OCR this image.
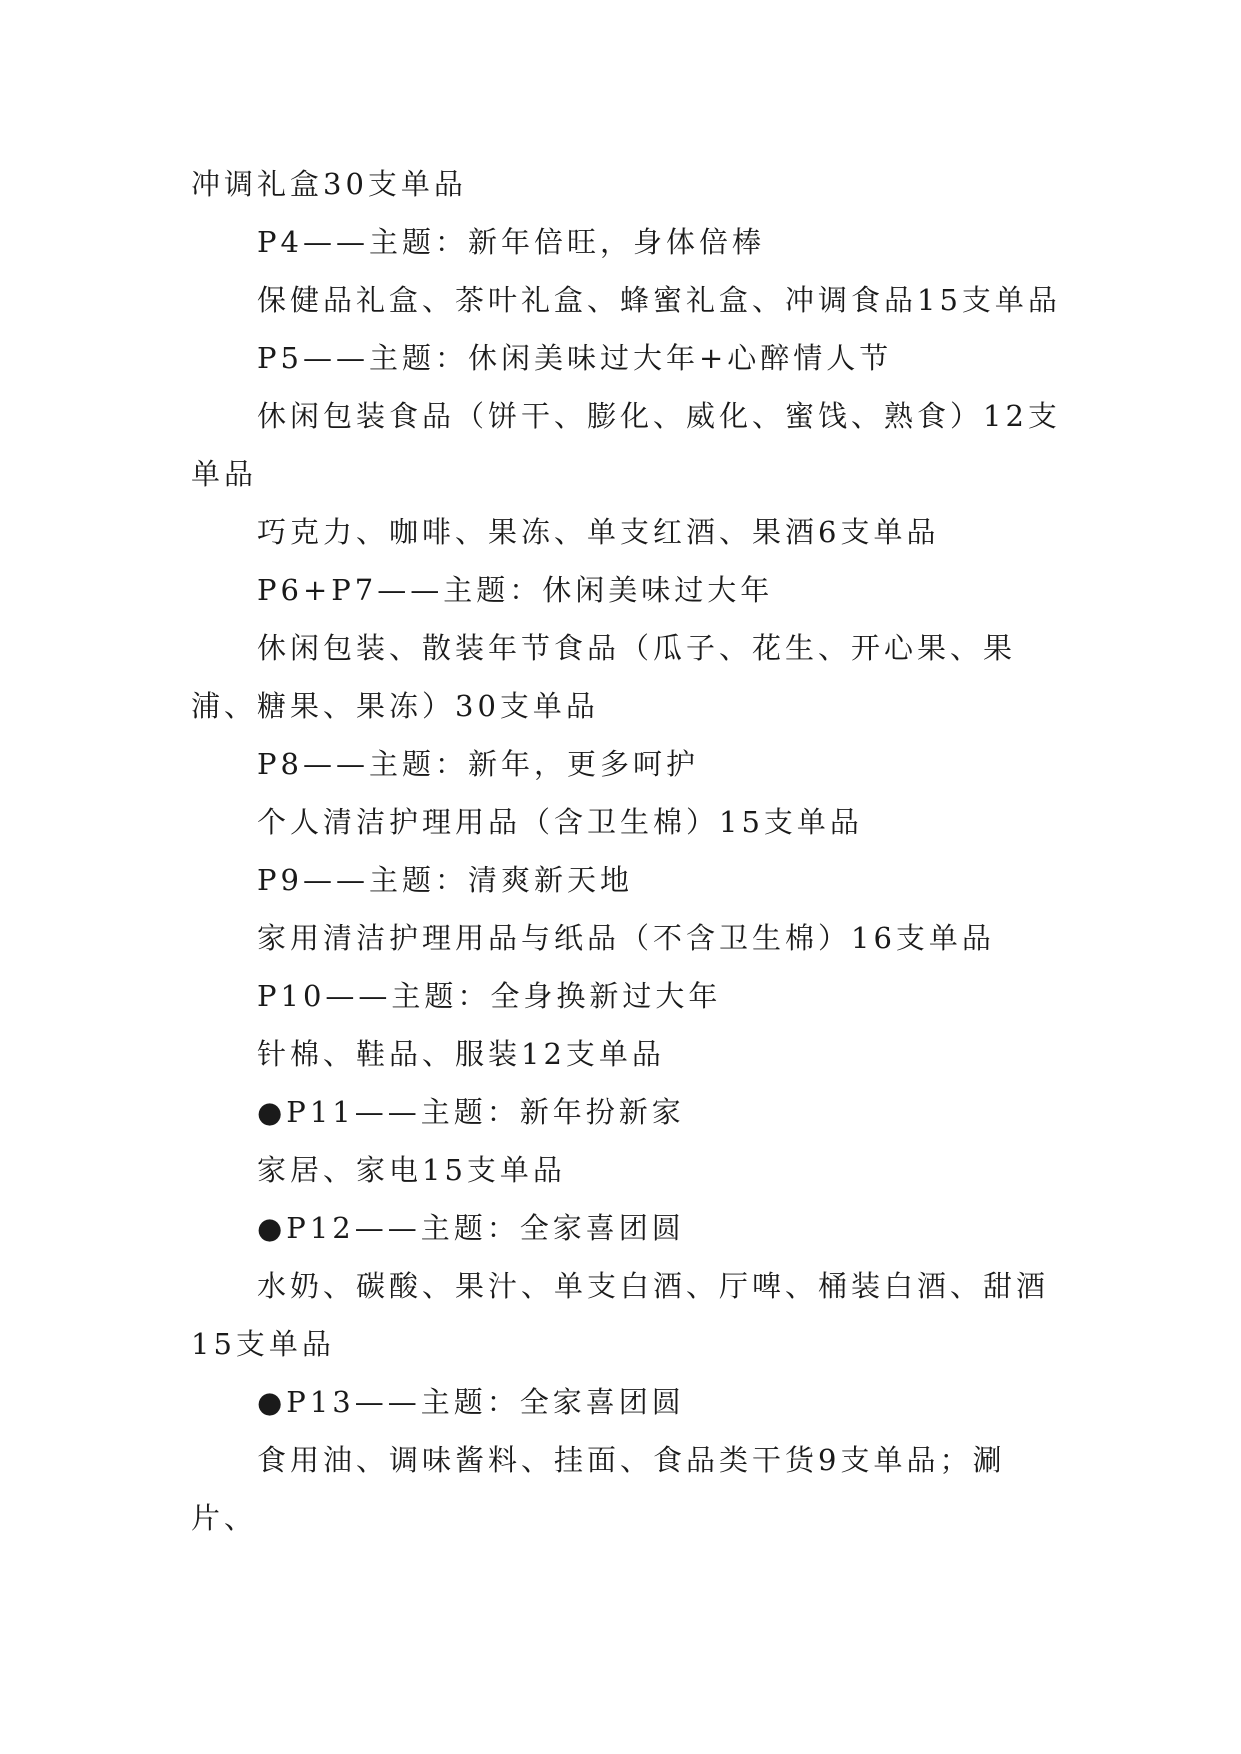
冲调礼盒30支单品

P4——主题：新年倍旺，身体倍棒

保健品礼盒、茶叶礼盒、蜂蜜礼盒、冲调食品15支单品

P5——主题：休闲美味过大年+心醉情人节

休闲包装食品（饼干、膨化、威化、蜜饯、熟食）12支单品

巧克力、咖啡、果冻、单支红酒、果酒6支单品

P6+P7——主题：休闲美味过大年

休闲包装、散装年节食品（瓜子、花生、开心果、果浦、糖果、果冻）30支单品

P8——主题：新年，更多呵护

个人清洁护理用品（含卫生棉）15支单品

P9——主题：清爽新天地

家用清洁护理用品与纸品（不含卫生棉）16支单品

P10——主题：全身换新过大年

针棉、鞋品、服装12支单品

●P11——主题：新年扮新家

家居、家电15支单品

●P12——主题：全家喜团圆

水奶、碳酸、果汁、单支白酒、厅啤、桶装白酒、甜酒15支单品

●P13——主题：全家喜团圆

食用油、调味酱料、挂面、食品类干货9支单品；涮片、
